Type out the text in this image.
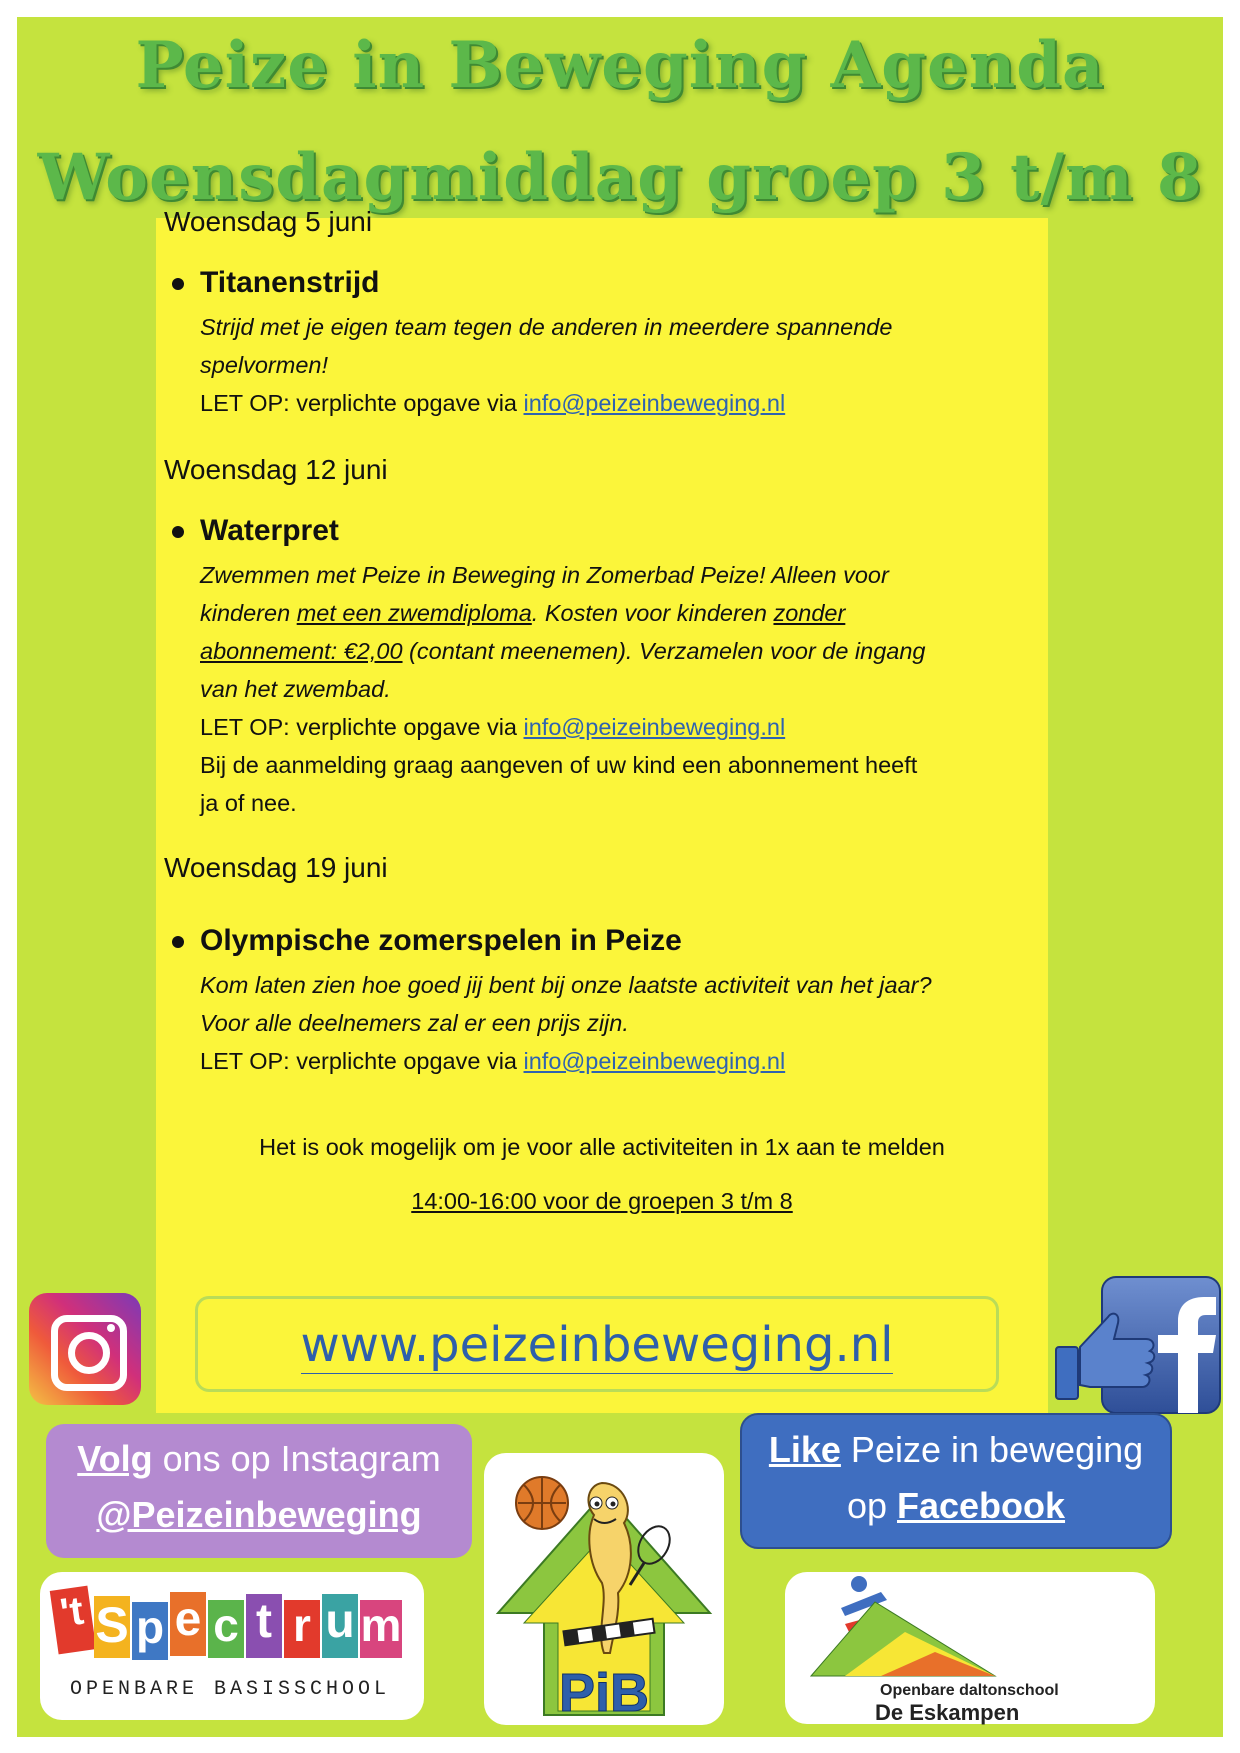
Peize in Beweging Agenda
Woensdagmiddag groep 3 t/m 8
Woensdag 5 juni
Titanenstrijd
Strijd met je eigen team tegen de anderen in meerdere spannende
spelvormen!
LET OP: verplichte opgave via info@peizeinbeweging.nl
Woensdag 12 juni
Waterpret
Zwemmen met Peize in Beweging in Zomerbad Peize! Alleen voor
kinderen met een zwemdiploma. Kosten voor kinderen zonder
abonnement: €2,00 (contant meenemen). Verzamelen voor de ingang
van het zwembad.
LET OP: verplichte opgave via info@peizeinbeweging.nl
Bij de aanmelding graag aangeven of uw kind een abonnement heeft
ja of nee.
Woensdag 19 juni
Olympische zomerspelen in Peize
Kom laten zien hoe goed jij bent bij onze laatste activiteit van het jaar?
Voor alle deelnemers zal er een prijs zijn.
LET OP: verplichte opgave via info@peizeinbeweging.nl
Het is ook mogelijk om je voor alle activiteiten in 1x aan te melden
14:00-16:00 voor de groepen 3 t/m 8
www.peizeinbeweging.nl
Volg ons op Instagram
@Peizeinbeweging
Like Peize in beweging
op Facebook
't S p e c t r u m
OPENBARE BASISSCHOOL	PiB	Openbare daltonschool
De Eskampen
